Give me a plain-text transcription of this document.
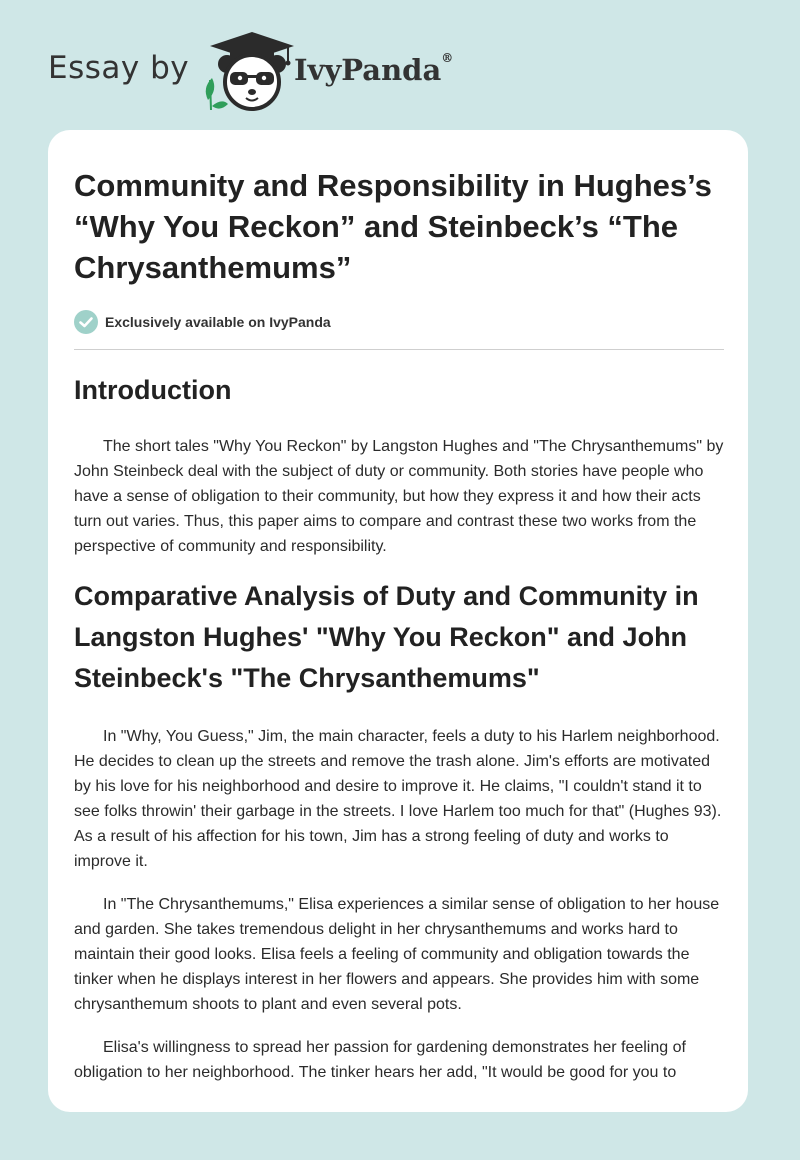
Essay by	IvyPanda®
Community and Responsibility in Hughes’s “Why You Reckon” and Steinbeck’s “The Chrysanthemums”
Exclusively available on IvyPanda
Introduction

The short tales "Why You Reckon" by Langston Hughes and "The Chrysanthemums" by John Steinbeck deal with the subject of duty or community. Both stories have people who have a sense of obligation to their community, but how they express it and how their acts turn out varies. Thus, this paper aims to compare and contrast these two works from the perspective of community and responsibility.

Comparative Analysis of Duty and Community in Langston Hughes' "Why You Reckon" and John Steinbeck's "The Chrysanthemums"

In "Why, You Guess," Jim, the main character, feels a duty to his Harlem neighborhood. He decides to clean up the streets and remove the trash alone. Jim's efforts are motivated by his love for his neighborhood and desire to improve it. He claims, "I couldn't stand it to see folks throwin' their garbage in the streets. I love Harlem too much for that" (Hughes 93). As a result of his affection for his town, Jim has a strong feeling of duty and works to improve it.

In "The Chrysanthemums," Elisa experiences a similar sense of obligation to her house and garden. She takes tremendous delight in her chrysanthemums and works hard to maintain their good looks. Elisa feels a feeling of community and obligation towards the tinker when he displays interest in her flowers and appears. She provides him with some chrysanthemum shoots to plant and even several pots.

Elisa's willingness to spread her passion for gardening demonstrates her feeling of obligation to her neighborhood. The tinker hears her add, "It would be good for you to
